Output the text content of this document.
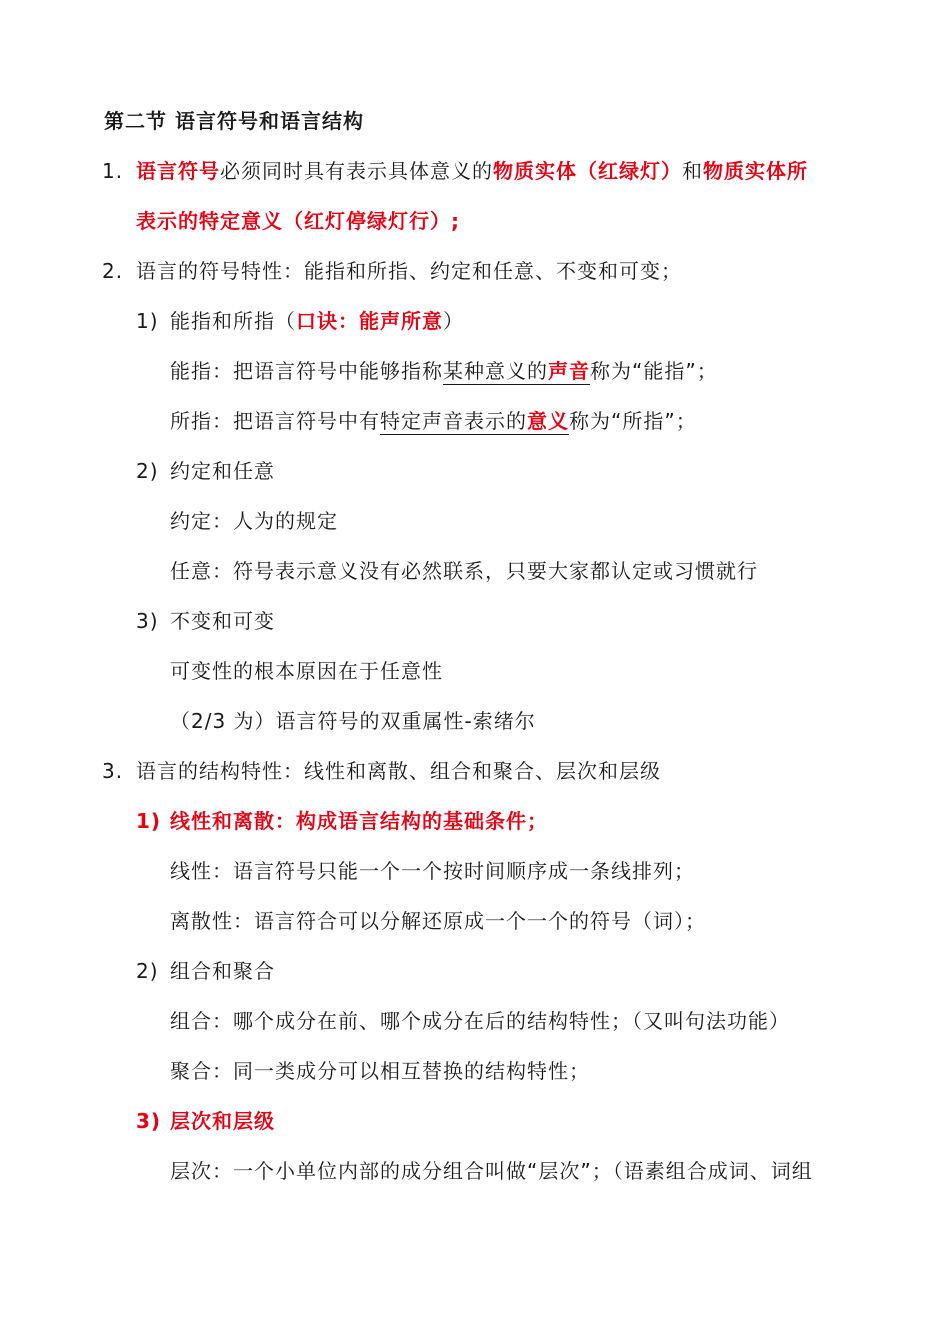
第二节 语言符号和语言结构
1. 语言符号必须同时具有表示具体意义的物质实体（红绿灯）和物质实体所
表示的特定意义（红灯停绿灯行）;
2. 语言的符号特性：能指和所指、约定和任意、不变和可变；
1) 能指和所指（口诀：能声所意）
能指：把语言符号中能够指称某种意义的声音称为“能指”；
所指：把语言符号中有特定声音表示的意义称为“所指”；
2) 约定和任意
约定：人为的规定
任意：符号表示意义没有必然联系，只要大家都认定或习惯就行
3) 不变和可变
可变性的根本原因在于任意性
（2/3 为）语言符号的双重属性-索绪尔
3. 语言的结构特性：线性和离散、组合和聚合、层次和层级
1) 线性和离散：构成语言结构的基础条件；
线性：语言符号只能一个一个按时间顺序成一条线排列；
离散性：语言符合可以分解还原成一个一个的符号（词）；
2) 组合和聚合
组合：哪个成分在前、哪个成分在后的结构特性；（又叫句法功能）
聚合：同一类成分可以相互替换的结构特性；
3) 层次和层级
层次：一个小单位内部的成分组合叫做“层次”；（语素组合成词、词组
